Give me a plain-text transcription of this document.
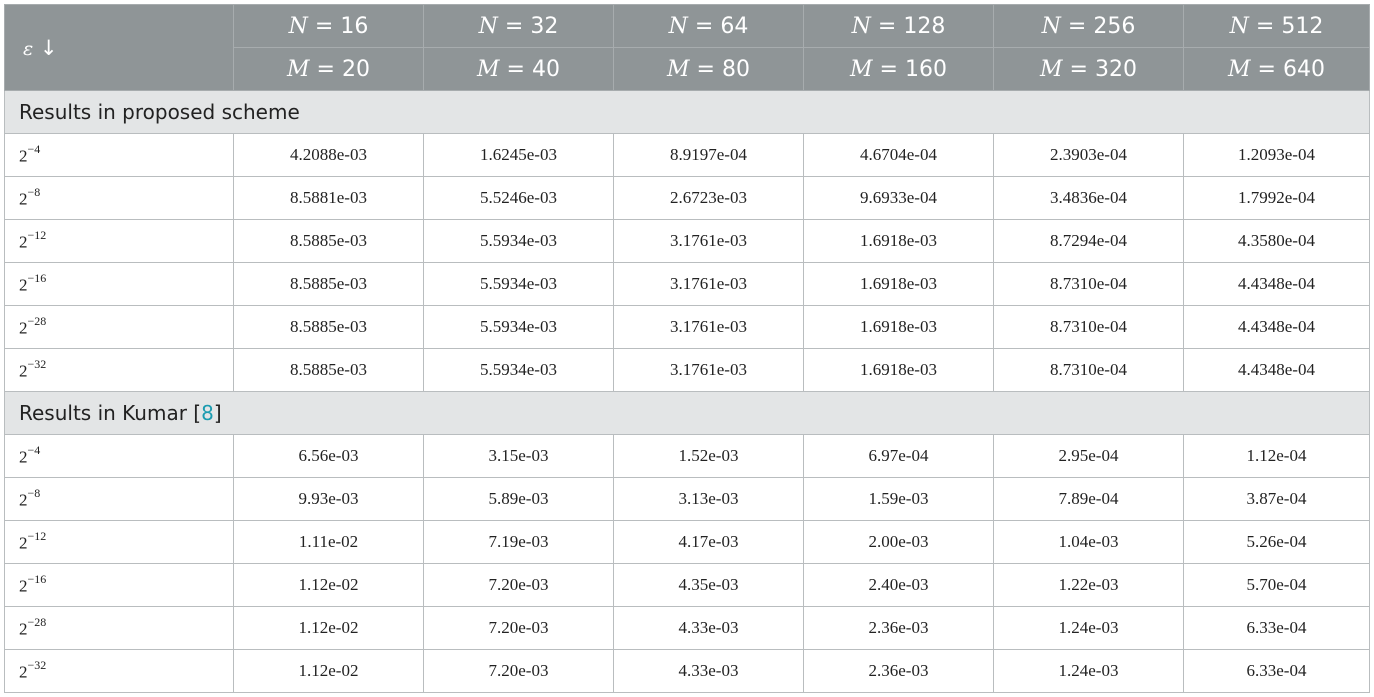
ε ↓	N = 16	N = 32	N = 64	N = 128	N = 256	N = 512
	M = 20	M = 40	M = 80	M = 160	M = 320	M = 640
Results in proposed scheme						
$2^{-4}$	4.2088e-03	1.6245e-03	8.9197e-04	4.6704e-04	2.3903e-04	1.2093e-04
$2^{-8}$	8.5881e-03	5.5246e-03	2.6723e-03	9.6933e-04	3.4836e-04	1.7992e-04
$2^{-12}$	8.5885e-03	5.5934e-03	3.1761e-03	1.6918e-03	8.7294e-04	4.3580e-04
$2^{-16}$	8.5885e-03	5.5934e-03	3.1761e-03	1.6918e-03	8.7310e-04	4.4348e-04
$2^{-28}$	8.5885e-03	5.5934e-03	3.1761e-03	1.6918e-03	8.7310e-04	4.4348e-04
$2^{-32}$	8.5885e-03	5.5934e-03	3.1761e-03	1.6918e-03	8.7310e-04	4.4348e-04
Results in Kumar [8]						
$2^{-4}$	6.56e-03	3.15e-03	1.52e-03	6.97e-04	2.95e-04	1.12e-04
$2^{-8}$	9.93e-03	5.89e-03	3.13e-03	1.59e-03	7.89e-04	3.87e-04
$2^{-12}$	1.11e-02	7.19e-03	4.17e-03	2.00e-03	1.04e-03	5.26e-04
$2^{-16}$	1.12e-02	7.20e-03	4.35e-03	2.40e-03	1.22e-03	5.70e-04
$2^{-28}$	1.12e-02	7.20e-03	4.33e-03	2.36e-03	1.24e-03	6.33e-04
$2^{-32}$	1.12e-02	7.20e-03	4.33e-03	2.36e-03	1.24e-03	6.33e-04
